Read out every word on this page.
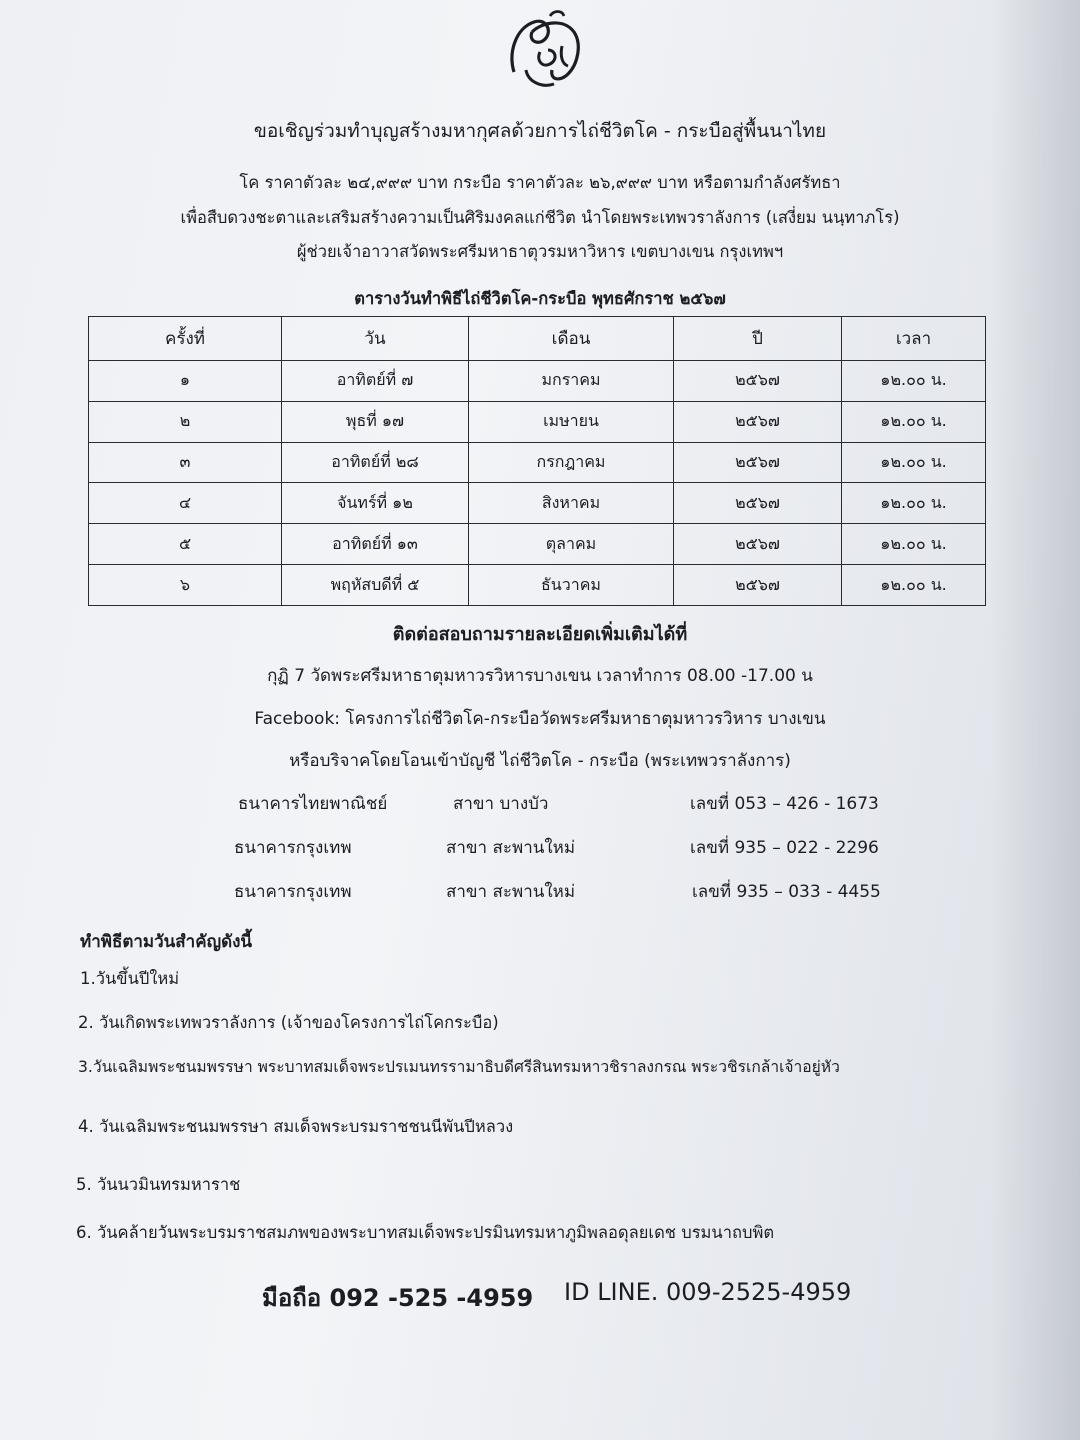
ขอเชิญร่วมทำบุญสร้างมหากุศลด้วยการไถ่ชีวิตโค - กระบือสู่พื้นนาไทย
โค ราคาตัวละ ๒๔,๙๙๙ บาท กระบือ ราคาตัวละ ๒๖,๙๙๙ บาท หรือตามกำลังศรัทธา
เพื่อสืบดวงชะตาและเสริมสร้างความเป็นศิริมงคลแก่ชีวิต นำโดยพระเทพวราลังการ (เสงี่ยม นนฺทาภโร)
ผู้ช่วยเจ้าอาวาสวัดพระศรีมหาธาตุวรมหาวิหาร เขตบางเขน กรุงเทพฯ
ตารางวันทำพิธีไถ่ชีวิตโค-กระบือ พุทธศักราช ๒๕๖๗
ครั้งที่	วัน	เดือน	ปี	เวลา
๑	อาทิตย์ที่ ๗	มกราคม	๒๕๖๗	๑๒.๐๐ น.
๒	พุธที่ ๑๗	เมษายน	๒๕๖๗	๑๒.๐๐ น.
๓	อาทิตย์ที่ ๒๘	กรกฎาคม	๒๕๖๗	๑๒.๐๐ น.
๔	จันทร์ที่ ๑๒	สิงหาคม	๒๕๖๗	๑๒.๐๐ น.
๕	อาทิตย์ที่ ๑๓	ตุลาคม	๒๕๖๗	๑๒.๐๐ น.
๖	พฤหัสบดีที่ ๕	ธันวาคม	๒๕๖๗	๑๒.๐๐ น.
ติดต่อสอบถามรายละเอียดเพิ่มเติมได้ที่
กุฏิ 7 วัดพระศรีมหาธาตุมหาวรวิหารบางเขน เวลาทำการ 08.00 -17.00 น
Facebook: โครงการไถ่ชีวิตโค-กระบือวัดพระศรีมหาธาตุมหาวรวิหาร บางเขน
หรือบริจาคโดยโอนเข้าบัญชี ไถ่ชีวิตโค - กระบือ (พระเทพวราลังการ)
ธนาคารไทยพาณิชย์	สาขา บางบัว	เลขที่ 053 – 426 - 1673
ธนาคารกรุงเทพ	สาขา สะพานใหม่	เลขที่ 935 – 022 - 2296
ธนาคารกรุงเทพ	สาขา สะพานใหม่	เลขที่ 935 – 033 - 4455
ทำพิธีตามวันสำคัญดังนี้
1.วันขึ้นปีใหม่
2. วันเกิดพระเทพวราลังการ (เจ้าของโครงการไถ่โคกระบือ)
3.วันเฉลิมพระชนมพรรษา พระบาทสมเด็จพระปรเมนทรรามาธิบดีศรีสินทรมหาวชิราลงกรณ พระวชิรเกล้าเจ้าอยู่หัว
4. วันเฉลิมพระชนมพรรษา สมเด็จพระบรมราชชนนีพันปีหลวง
5. วันนวมินทรมหาราช
6. วันคล้ายวันพระบรมราชสมภพของพระบาทสมเด็จพระปรมินทรมหาภูมิพลอดุลยเดช บรมนาถบพิต
มือถือ 092 -525 -4959 ID LINE. 009-2525-4959
